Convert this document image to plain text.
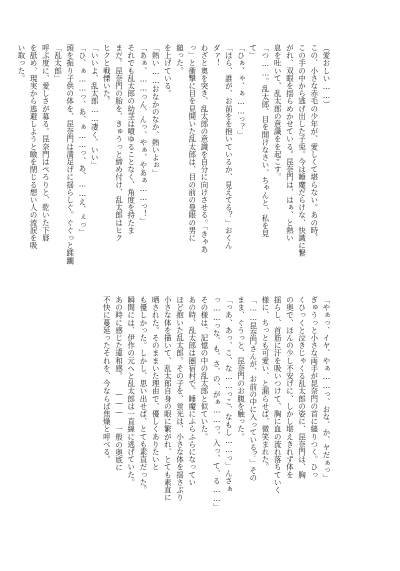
（愛おしい……）
この、小さな赤毛の少年が、愛しくて堪らない。あの時、
この手の中から逃げ出した子兎。今は睡魔だらけな、快識に繋
がれ、双眼を揺らめかせている。昆奈門は、はぁ、と熱い
息を吐いて、乱太郎の意識をを起こす。
「つ……。乱太郎、目を開けなさい、ちゃんと、私を見
て」
「ひぁ、ゃ、ぁ……っ？」
「ほら、誰が、お前をを抱いているか、見えてる？」おくん
ダァ！
わざと奥を突き、乱太郎の意識を自分に向けさせる。「きゃあ
っ」と衝撃に目を見開いた乱太郎は、目の前の曼眼の男に
縋った。
を上げている。
「熱い……おなかのなか、熱いよぉ」
「あぁ、……っん、んっ、やぁ、やあぁ……っ！」
それでも乱太郎の幼茎は噴ゆることなく、角度を持たま
まだ。昆奈門の胎を、きゅうっと締め付け、乱太郎はヒク
ヒクと戦慄いた。
「いいよ、乱太郎……凄く、いい」
「ひ、ぁ……っ、あ、ぁ……っ、あ、……え、ぇっ」
頭を振り子供の体を、昆奈門は満足げに揺らしぐ。ぐぐっと蹂躙
「乱太郎」
呼ぶ度に、愛しさが募る。昆奈門はぺろりと、乾いた下唇
を舐め、現実から逃避しようと瞼を閉じる想い人の流涙を吸
い取った。
「やぁっ、イヤ、やぁ……っ、おな、か、ヤだぁっ」
ぎゅうっと小さな両手が昆奈門の首に縋りつく。ひっ
くひっくと泣きじゃくる乱太郎の姿に、昆奈門は、胸
の奥で、ほんの少し不安げに、しかし堪えきれず体を
揺らし、首筋に汗を吸いつけて、胸に血の流れ落ちていく
様に、ちっとも可愛い、と漏らせば、微笑まれた。
「……昆奈門さんが、お前の中に入っている？」その
まま、ぐうっと、昆奈門のお腹を触った。
「っあ、あっ、こ、な……っこ、なもし……っ」んさぁ
っ……っな、も、さ、の、がぁ……っ、入っ、て、る……」
その様は、記憶の中の乱太郎と似ていた。
あの時、乱太郎は圏宿村で、睡魔にふらふらになってい
ほど抱いた乱太郎。その子を、蛍光は、小さな体を揺さぶり
小さな体を描いて、乱太郎自身の眼に繁がれ、とても素直に
晒された。そのままいた理由で、優しくありたいと
も優しかった。しかし、思い出せば、とても素直だった。
瞬間には、伊作の元へと乱太郎は一直線に逃げていた。
あの時に感じた違和感。 ——— 一般の奥底に
不快に蔓延ったそれを、今ならば焦燥と呼べる。
